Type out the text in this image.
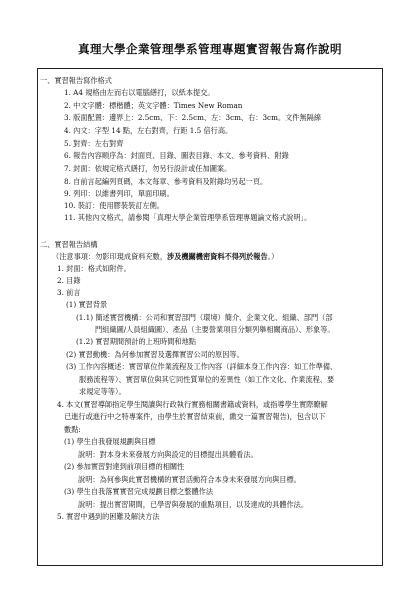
真理大學企業管理學系管理專題實習報告寫作說明
一、實習報告寫作格式
1. A4 規格由左而右以電腦繕打，以紙本提交。
2. 中文字體：標楷體；英文字體：Times New Roman
3. 版面配置：邊界上：2.5cm、下：2.5cm、左：3cm、右：3cm。文件無隔線
4. 內文：字型 14 點，左右對齊，行距 1.5 倍行高。
5. 對齊：左右對齊
6. 報告內容順序為：封面頁、目錄、圖表目錄、本文、參考資料、附錄
7. 封面：依規定格式繕打，勿另行設計或任加圖案。
8. 自前言起編列頁碼，本文每章、參考資料及附錄均另起一頁。
9. 列印：以維書列印，單面印刷。
10. 裝訂：使用膠裝裝訂左側。
11. 其他內文格式，請參閱「真理大學企業管理學系管理專題論文格式說明」。
二、實習報告結構
（注意事項：勿影印現成資料充數，涉及機關機密資料不得列於報告。）
1. 封面：格式如附件。
2. 目錄
3. 前言
(1) 實習背景
(1.1) 簡述實習機構：公司和實習部門（環境）簡介、企業文化、組織、部門（部
門組織圖/人員組織圖）、產品（主要營業項目分類列舉相關商品）、形象等。
(1.2) 實習期間預計的上班時間和地點
(2) 實習動機：為何參加實習及選擇實習公司的原因等。
(3) 工作內容概述：實習單位作業流程及工作內容（詳細本身工作內容：如工作準備、
服務流程等）、實習單位與其它同性質單位的差異性（如工作文化、作業流程、要
求規定等等）。
4. 本文(實習導師指定學生閱讀與行政執行實務相關書籍或資料，或指導學生實際瞭解
已進行或進行中之特專案件，由學生於實習結束前，繳交一篇實習報告)，包含以下
數點:
(1) 學生自我發展規劃與目標
說明：對本身未來發展方向與設定的目標提出具體看法。
(2) 參加實習對達到前項目標的相關性
說明：為何參與此實習機構的實習活動符合本身未來發展方向與目標。
(3) 學生自我落實實習完成規劃目標之整體作法
說明：提出實習期間，已學習與發展的重點項目，以及達成的具體作法。
5. 實習中遇到的困難及解決方法
